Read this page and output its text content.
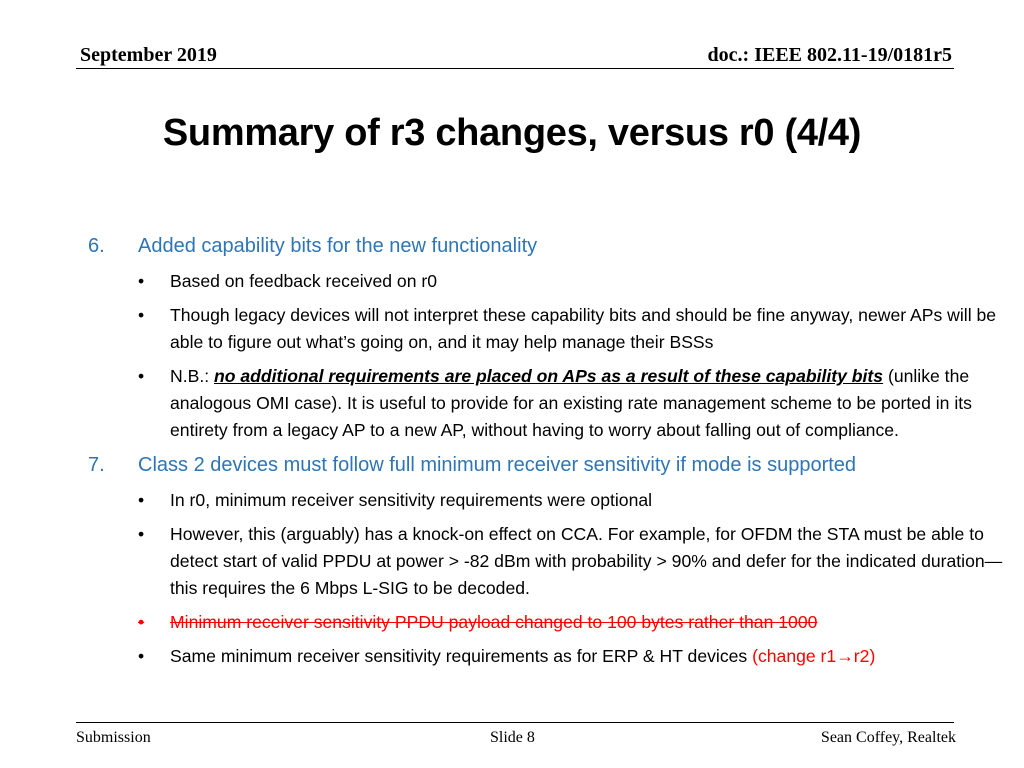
September 2019	doc.: IEEE 802.11-19/0181r5
Summary of r3 changes, versus r0 (4/4)
6. Added capability bits for the new functionality
• Based on feedback received on r0
• Though legacy devices will not interpret these capability bits and should be fine anyway, newer APs will be able to figure out what’s going on, and it may help manage their BSSs
• N.B.: no additional requirements are placed on APs as a result of these capability bits (unlike the analogous OMI case). It is useful to provide for an existing rate management scheme to be ported in its entirety from a legacy AP to a new AP, without having to worry about falling out of compliance.
7. Class 2 devices must follow full minimum receiver sensitivity if mode is supported
• In r0, minimum receiver sensitivity requirements were optional
• However, this (arguably) has a knock-on effect on CCA. For example, for OFDM the STA must be able to detect start of valid PPDU at power > -82 dBm with probability > 90% and defer for the indicated duration—this requires the 6 Mbps L-SIG to be decoded.
• Minimum receiver sensitivity PPDU payload changed to 100 bytes rather than 1000
• Same minimum receiver sensitivity requirements as for ERP & HT devices (change r1→r2)
Submission	Slide 8	Sean Coffey, Realtek
